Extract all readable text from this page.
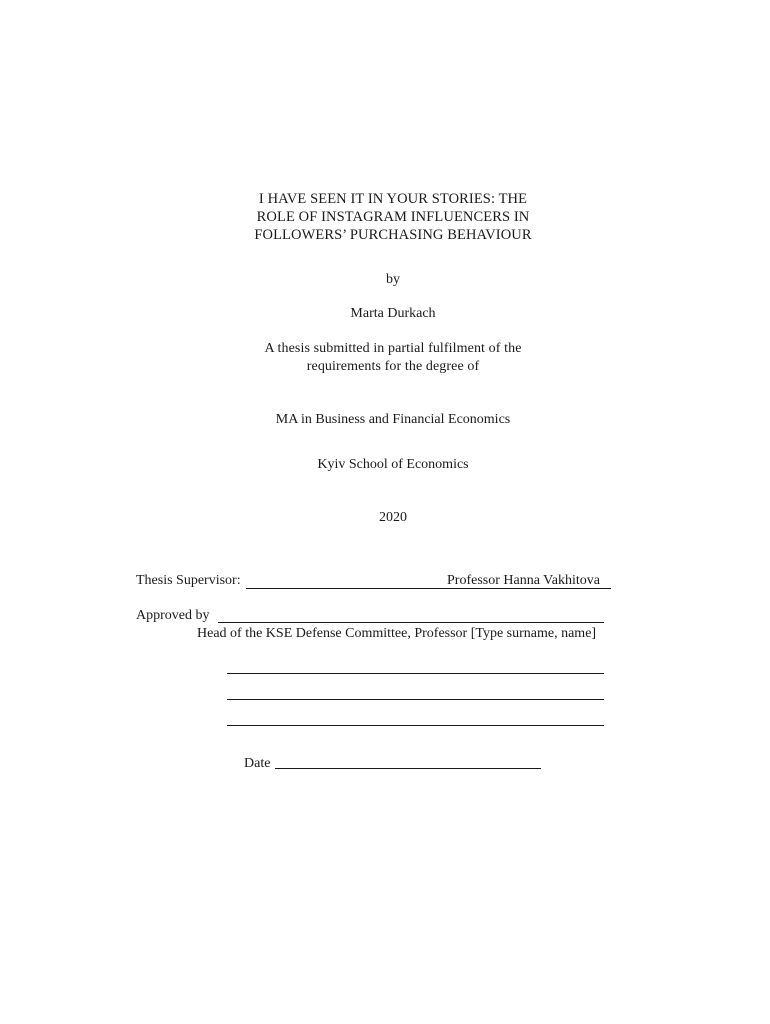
I HAVE SEEN IT IN YOUR STORIES: THE
ROLE OF INSTAGRAM INFLUENCERS IN
FOLLOWERS’ PURCHASING BEHAVIOUR
by
Marta Durkach
A thesis submitted in partial fulfilment of the
requirements for the degree of
MA in Business and Financial Economics
Kyiv School of Economics
2020
Thesis Supervisor:	Professor Hanna Vakhitova
Approved by
Head of the KSE Defense Committee, Professor [Type surname, name]
Date
